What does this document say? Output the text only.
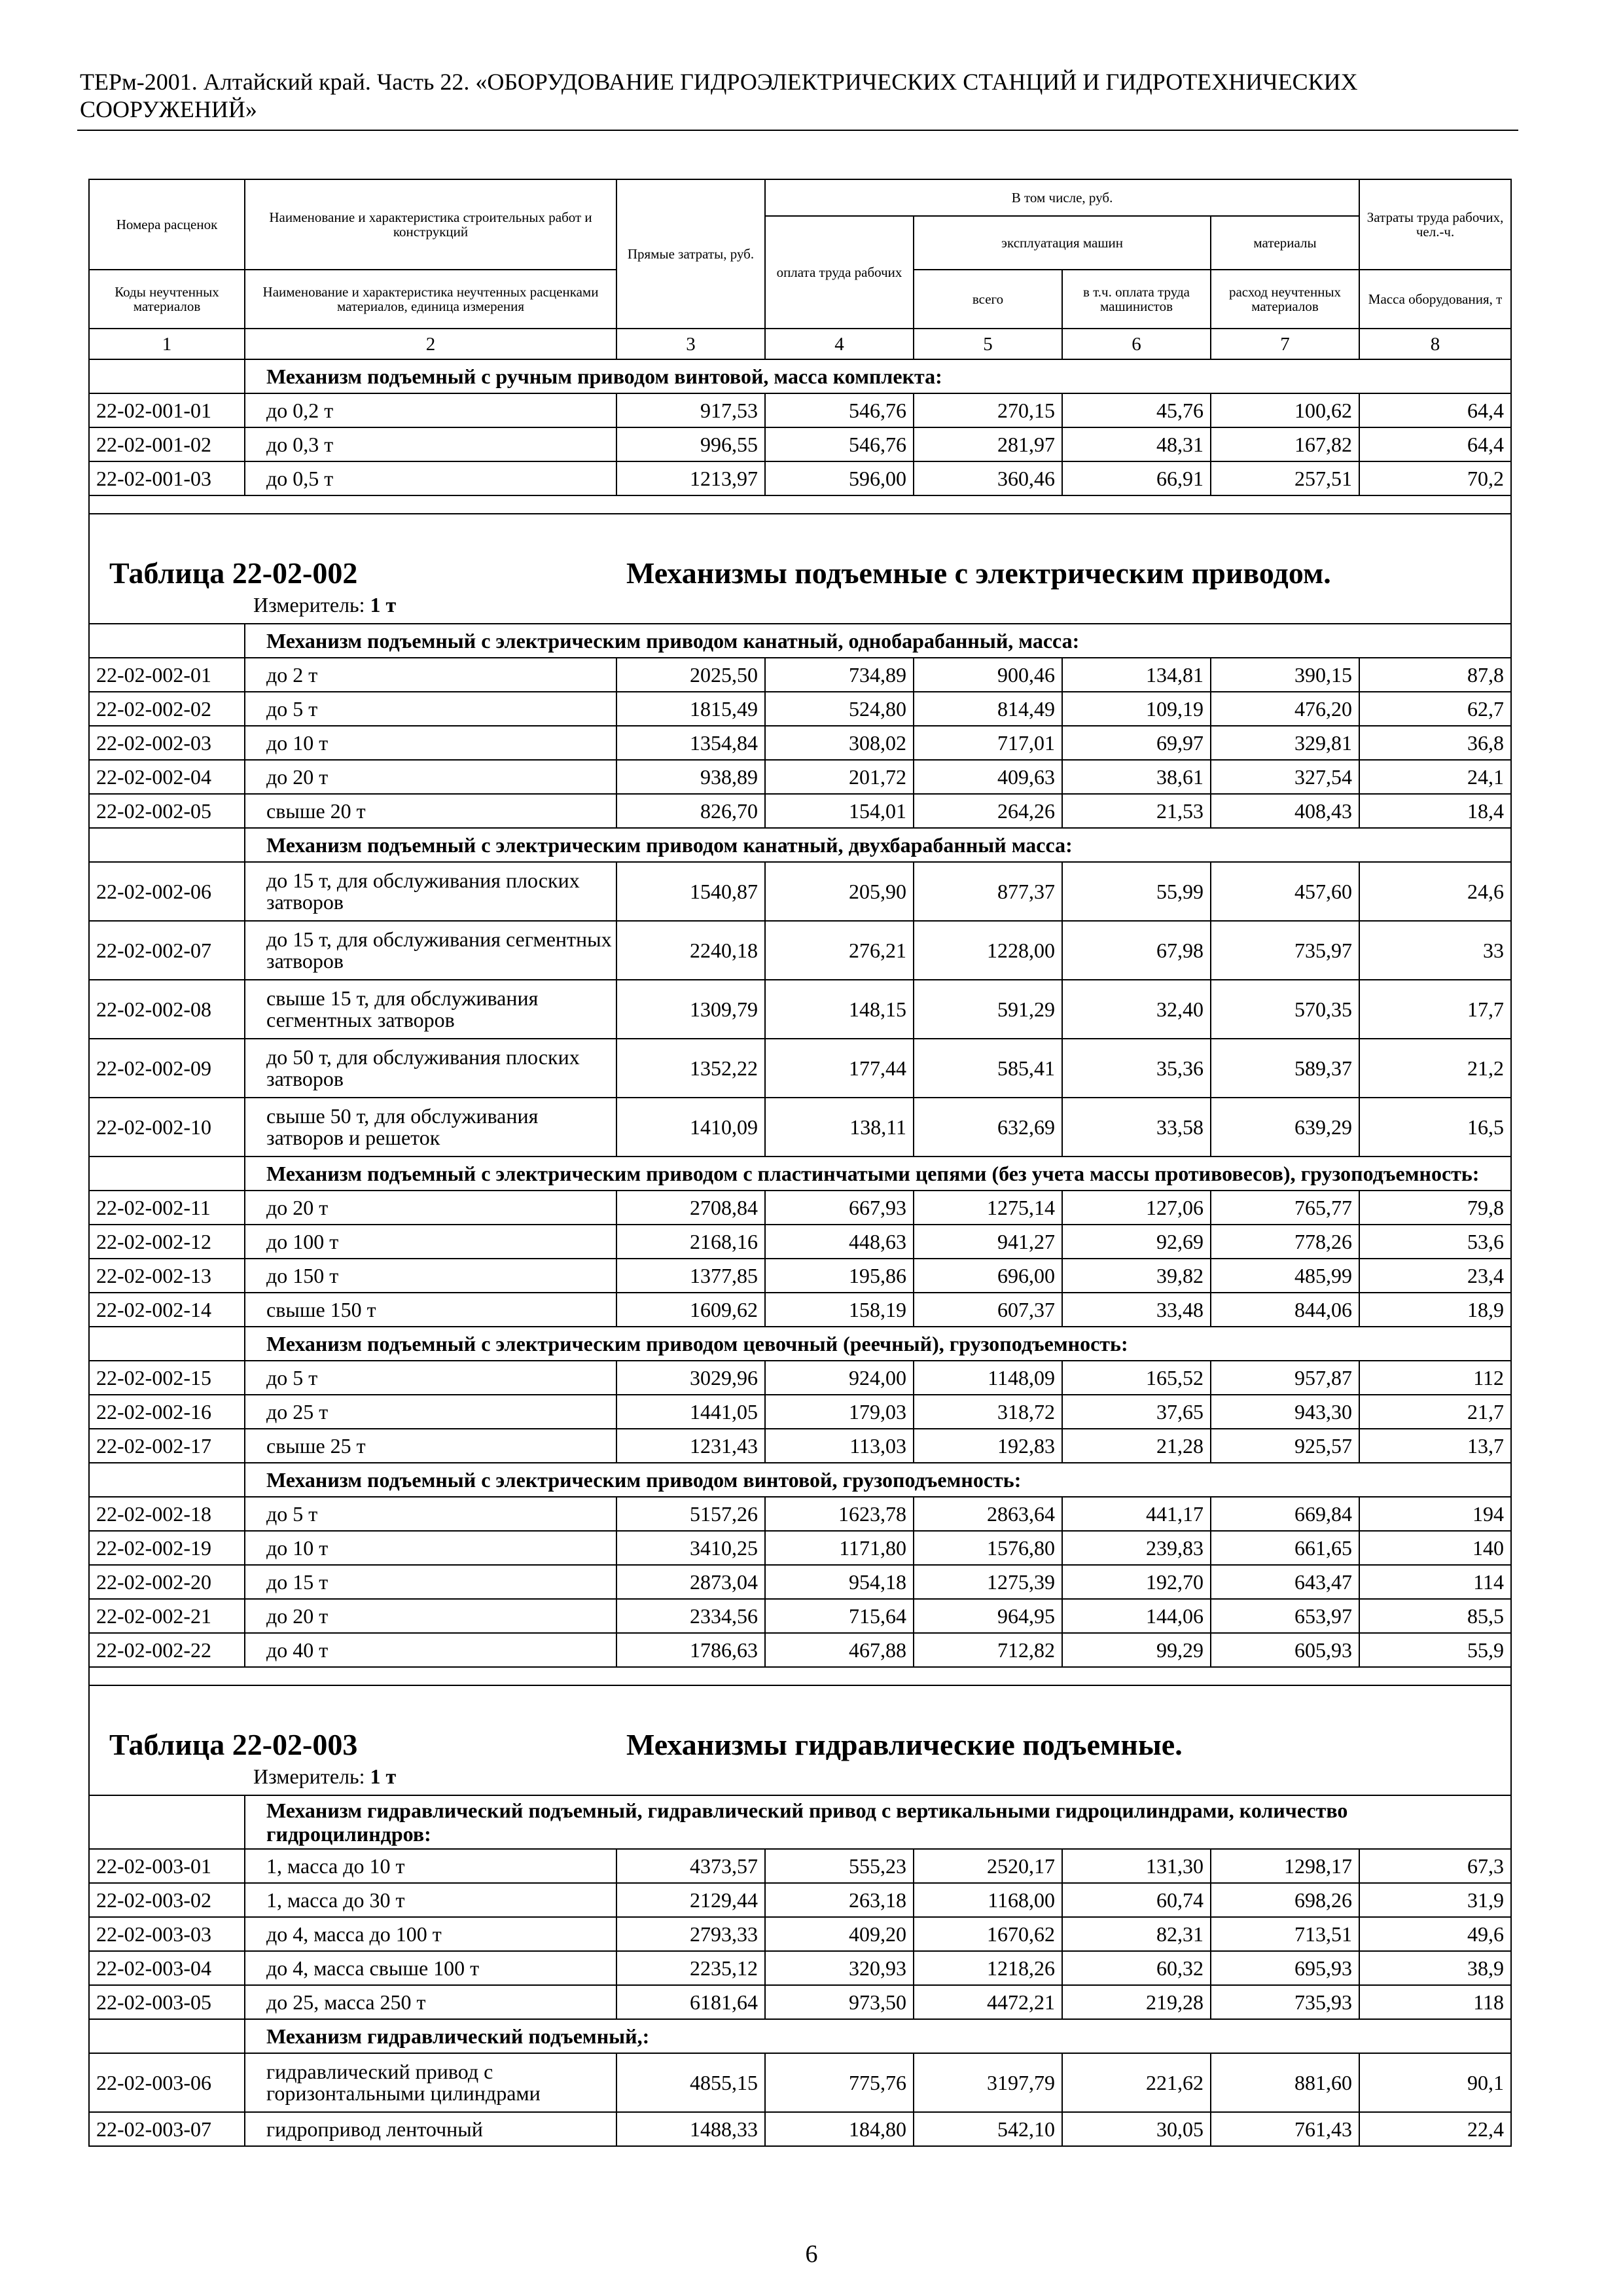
ТЕРм-2001. Алтайский край. Часть 22. «ОБОРУДОВАНИЕ ГИДРОЭЛЕКТРИЧЕСКИХ СТАНЦИЙ И ГИДРОТЕХНИЧЕСКИХ СООРУЖЕНИЙ»
Номера расценок	Наименование и характеристика строительных работ и конструкций	Прямые затраты, руб.	В том числе, руб.				Затраты труда рабочих, чел.-ч.
			оплата труда рабочих	эксплуатация машин		материалы	
Коды неучтенных материалов	Наименование и характеристика неучтенных расценками материалов, единица измерения			всего	в т.ч. оплата труда машинистов	расход неучтенных материалов	Масса оборудования, т
1	2	3	4	5	6	7	8
	Механизм подъемный с ручным приводом винтовой, масса комплекта:						
22-02-001-01	до 0,2 т	917,53	546,76	270,15	45,76	100,62	64,4
22-02-001-02	до 0,3 т	996,55	546,76	281,97	48,31	167,82	64,4
22-02-001-03	до 0,5 т	1213,97	596,00	360,46	66,91	257,51	70,2

Таблица 22-02-002 Механизмы подъемные с электрическим приводом.							
Измеритель: 1 т							
	Механизм подъемный с электрическим приводом канатный, однобарабанный, масса:						
22-02-002-01	до 2 т	2025,50	734,89	900,46	134,81	390,15	87,8
22-02-002-02	до 5 т	1815,49	524,80	814,49	109,19	476,20	62,7
22-02-002-03	до 10 т	1354,84	308,02	717,01	69,97	329,81	36,8
22-02-002-04	до 20 т	938,89	201,72	409,63	38,61	327,54	24,1
22-02-002-05	свыше 20 т	826,70	154,01	264,26	21,53	408,43	18,4
	Механизм подъемный с электрическим приводом канатный, двухбарабанный масса:						
22-02-002-06	до 15 т, для обслуживания плоских затворов	1540,87	205,90	877,37	55,99	457,60	24,6
22-02-002-07	до 15 т, для обслуживания сегментных затворов	2240,18	276,21	1228,00	67,98	735,97	33
22-02-002-08	свыше 15 т, для обслуживания сегментных затворов	1309,79	148,15	591,29	32,40	570,35	17,7
22-02-002-09	до 50 т, для обслуживания плоских затворов	1352,22	177,44	585,41	35,36	589,37	21,2
22-02-002-10	свыше 50 т, для обслуживания затворов и решеток	1410,09	138,11	632,69	33,58	639,29	16,5
	Механизм подъемный с электрическим приводом с пластинчатыми цепями (без учета массы противовесов), грузоподъемность:						
22-02-002-11	до 20 т	2708,84	667,93	1275,14	127,06	765,77	79,8
22-02-002-12	до 100 т	2168,16	448,63	941,27	92,69	778,26	53,6
22-02-002-13	до 150 т	1377,85	195,86	696,00	39,82	485,99	23,4
22-02-002-14	свыше 150 т	1609,62	158,19	607,37	33,48	844,06	18,9
	Механизм подъемный с электрическим приводом цевочный (реечный), грузоподъемность:						
22-02-002-15	до 5 т	3029,96	924,00	1148,09	165,52	957,87	112
22-02-002-16	до 25 т	1441,05	179,03	318,72	37,65	943,30	21,7
22-02-002-17	свыше 25 т	1231,43	113,03	192,83	21,28	925,57	13,7
	Механизм подъемный с электрическим приводом винтовой, грузоподъемность:						
22-02-002-18	до 5 т	5157,26	1623,78	2863,64	441,17	669,84	194
22-02-002-19	до 10 т	3410,25	1171,80	1576,80	239,83	661,65	140
22-02-002-20	до 15 т	2873,04	954,18	1275,39	192,70	643,47	114
22-02-002-21	до 20 т	2334,56	715,64	964,95	144,06	653,97	85,5
22-02-002-22	до 40 т	1786,63	467,88	712,82	99,29	605,93	55,9

Таблица 22-02-003 Механизмы гидравлические подъемные.							
Измеритель: 1 т							
	Механизм гидравлический подъемный, гидравлический привод с вертикальными гидроцилиндрами, количество гидроцилиндров:						
22-02-003-01	1, масса до 10 т	4373,57	555,23	2520,17	131,30	1298,17	67,3
22-02-003-02	1, масса до 30 т	2129,44	263,18	1168,00	60,74	698,26	31,9
22-02-003-03	до 4, масса до 100 т	2793,33	409,20	1670,62	82,31	713,51	49,6
22-02-003-04	до 4, масса свыше 100 т	2235,12	320,93	1218,26	60,32	695,93	38,9
22-02-003-05	до 25, масса 250 т	6181,64	973,50	4472,21	219,28	735,93	118
	Механизм гидравлический подъемный,:						
22-02-003-06	гидравлический привод с горизонтальными цилиндрами	4855,15	775,76	3197,79	221,62	881,60	90,1
22-02-003-07	гидропривод ленточный	1488,33	184,80	542,10	30,05	761,43	22,4
6
